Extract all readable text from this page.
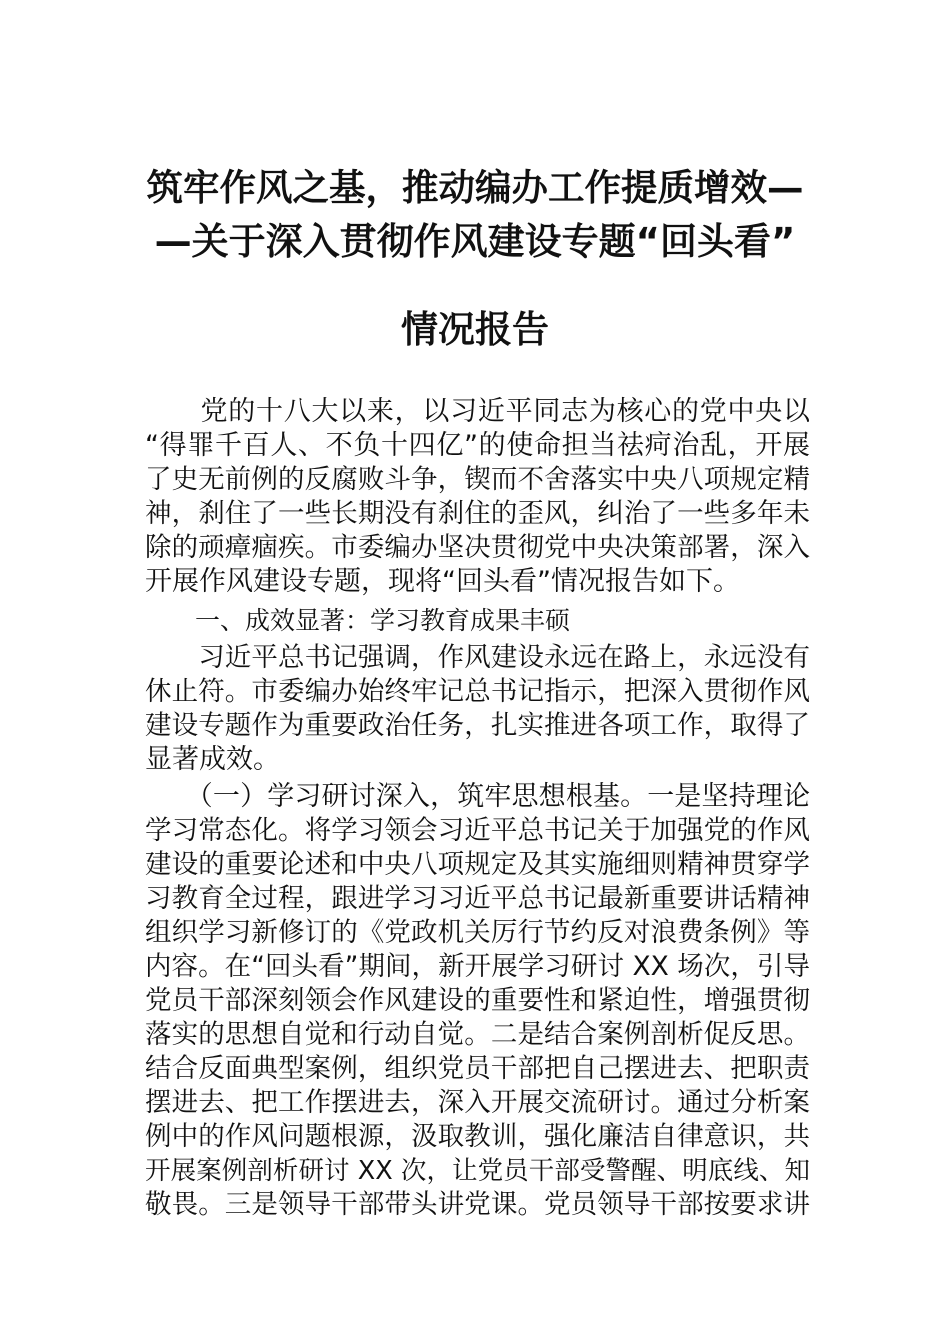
筑牢作风之基，推动编办工作提质增效—
—关于深入贯彻作风建设专题“回头看”
情况报告
　　党的十八大以来，以习近平同志为核心的党中央以
“得罪千百人、不负十四亿”的使命担当祛疴治乱，开展
了史无前例的反腐败斗争，锲而不舍落实中央八项规定精
神，刹住了一些长期没有刹住的歪风，纠治了一些多年未
除的顽瘴痼疾。市委编办坚决贯彻党中央决策部署，深入
开展作风建设专题，现将“回头看”情况报告如下。
　　一、成效显著：学习教育成果丰硕
　　习近平总书记强调，作风建设永远在路上，永远没有
休止符。市委编办始终牢记总书记指示，把深入贯彻作风
建设专题作为重要政治任务，扎实推进各项工作，取得了
显著成效。
　　（一）学习研讨深入，筑牢思想根基。一是坚持理论
学习常态化。将学习领会习近平总书记关于加强党的作风
建设的重要论述和中央八项规定及其实施细则精神贯穿学
习教育全过程，跟进学习习近平总书记最新重要讲话精神
组织学习新修订的《党政机关厉行节约反对浪费条例》等
内容。在“回头看”期间，新开展学习研讨 XX 场次，引导
党员干部深刻领会作风建设的重要性和紧迫性，增强贯彻
落实的思想自觉和行动自觉。二是结合案例剖析促反思。
结合反面典型案例，组织党员干部把自己摆进去、把职责
摆进去、把工作摆进去，深入开展交流研讨。通过分析案
例中的作风问题根源，汲取教训，强化廉洁自律意识，共
开展案例剖析研讨 XX 次，让党员干部受警醒、明底线、知
敬畏。三是领导干部带头讲党课。党员领导干部按要求讲
